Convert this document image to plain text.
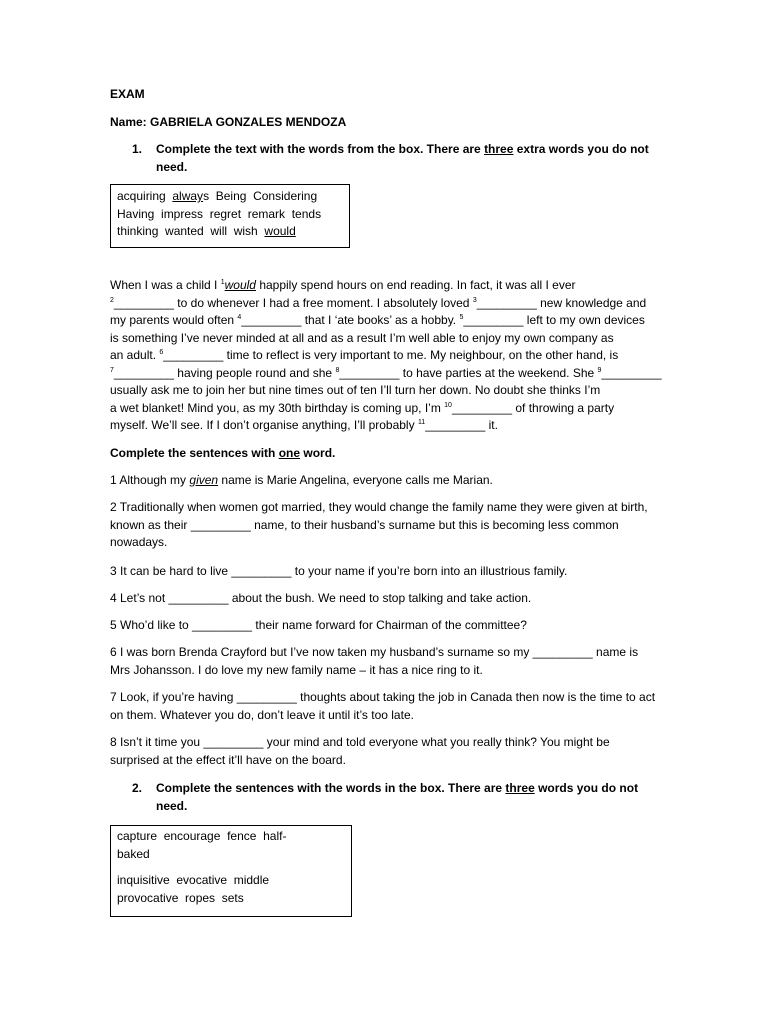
EXAM
Name: GABRIELA GONZALES MENDOZA
1.	Complete the text with the words from the box. There are three extra words you do not need.
acquiring  always  Being  Considering
Having  impress  regret  remark  tends
thinking  wanted  will  wish  would
When I was a child I $^1$would happily spend hours on end reading. In fact, it was all I ever
$^2$_________ to do whenever I had a free moment. I absolutely loved $^3$_________ new knowledge and
my parents would often $^4$_________ that I ‘ate books’ as a hobby. $^5$_________ left to my own devices
is something I’ve never minded at all and as a result I’m well able to enjoy my own company as
an adult. $^6$_________ time to reflect is very important to me. My neighbour, on the other hand, is
$^7$_________ having people round and she $^8$_________ to have parties at the weekend. She $^9$_________
usually ask me to join her but nine times out of ten I’ll turn her down. No doubt she thinks I’m
a wet blanket! Mind you, as my 30th birthday is coming up, I’m $^{10}$_________ of throwing a party
myself. We’ll see. If I don’t organise anything, I’ll probably $^{11}$_________ it.
Complete the sentences with one word.
1 Although my given name is Marie Angelina, everyone calls me Marian.
2 Traditionally when women got married, they would change the family name they were given at birth, known as their _________ name, to their husband’s surname but this is becoming less common nowadays.
3 It can be hard to live _________ to your name if you’re born into an illustrious family.
4 Let’s not _________ about the bush. We need to stop talking and take action.
5 Who’d like to _________ their name forward for Chairman of the committee?
6 I was born Brenda Crayford but I’ve now taken my husband’s surname so my _________ name is Mrs Johansson. I do love my new family name – it has a nice ring to it.
7 Look, if you’re having _________ thoughts about taking the job in Canada then now is the time to act on them. Whatever you do, don’t leave it until it’s too late.
8 Isn’t it time you _________ your mind and told everyone what you really think? You might be surprised at the effect it’ll have on the board.
2.	Complete the sentences with the words in the box. There are three words you do not need.
capture  encourage  fence  half-
baked
inquisitive  evocative  middle
provocative  ropes  sets
